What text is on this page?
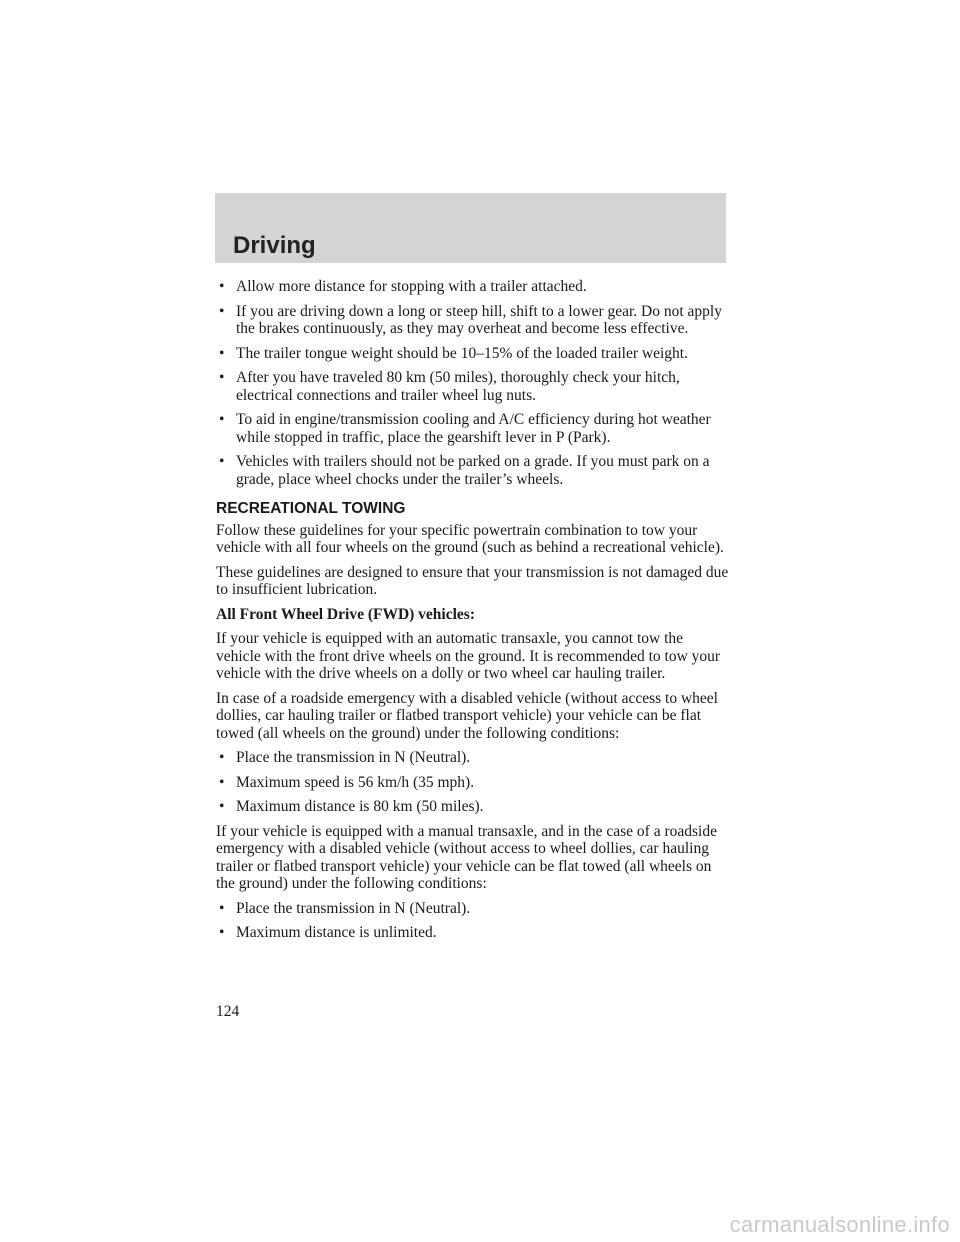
Driving
• Allow more distance for stopping with a trailer attached.
• If you are driving down a long or steep hill, shift to a lower gear. Do not apply the brakes continuously, as they may overheat and become less effective.
• The trailer tongue weight should be 10–15% of the loaded trailer weight.
• After you have traveled 80 km (50 miles), thoroughly check your hitch, electrical connections and trailer wheel lug nuts.
• To aid in engine/transmission cooling and A/C efficiency during hot weather while stopped in traffic, place the gearshift lever in P (Park).
• Vehicles with trailers should not be parked on a grade. If you must park on a grade, place wheel chocks under the trailer’s wheels.
RECREATIONAL TOWING

Follow these guidelines for your specific powertrain combination to tow your vehicle with all four wheels on the ground (such as behind a recreational vehicle).

These guidelines are designed to ensure that your transmission is not damaged due to insufficient lubrication.

All Front Wheel Drive (FWD) vehicles:

If your vehicle is equipped with an automatic transaxle, you cannot tow the vehicle with the front drive wheels on the ground. It is recommended to tow your vehicle with the drive wheels on a dolly or two wheel car hauling trailer.

In case of a roadside emergency with a disabled vehicle (without access to wheel dollies, car hauling trailer or flatbed transport vehicle) your vehicle can be flat towed (all wheels on the ground) under the following conditions:

• Place the transmission in N (Neutral).
• Maximum speed is 56 km/h (35 mph).
• Maximum distance is 80 km (50 miles).

If your vehicle is equipped with a manual transaxle, and in the case of a roadside emergency with a disabled vehicle (without access to wheel dollies, car hauling trailer or flatbed transport vehicle) your vehicle can be flat towed (all wheels on the ground) under the following conditions:

• Place the transmission in N (Neutral).
• Maximum distance is unlimited.
124
carmanualsonline.info
